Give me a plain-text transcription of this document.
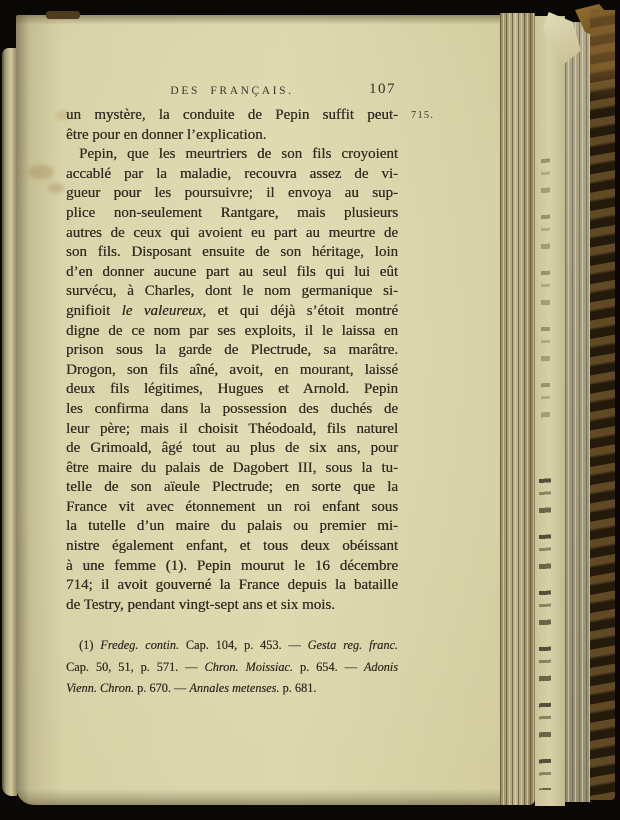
DES FRANÇAIS.	107
715.
un mystère, la conduite de Pepin suffit peut-
être pour en donner l’explication.
Pepin, que les meurtriers de son fils croyoient
accablé par la maladie, recouvra assez de vi-
gueur pour les poursuivre; il envoya au sup-
plice non-seulement Rantgare, mais plusieurs
autres de ceux qui avoient eu part au meurtre de
son fils. Disposant ensuite de son héritage, loin
d’en donner aucune part au seul fils qui lui eût
survécu, à Charles, dont le nom germanique si-
gnifioit le valeureux, et qui déjà s’étoit montré
digne de ce nom par ses exploits, il le laissa en
prison sous la garde de Plectrude, sa marâtre.
Drogon, son fils aîné, avoit, en mourant, laissé
deux fils légitimes, Hugues et Arnold. Pepin
les confirma dans la possession des duchés de
leur père; mais il choisit Théodoald, fils naturel
de Grimoald, âgé tout au plus de six ans, pour
être maire du palais de Dagobert III, sous la tu-
telle de son aïeule Plectrude; en sorte que la
France vit avec étonnement un roi enfant sous
la tutelle d’un maire du palais ou premier mi-
nistre également enfant, et tous deux obéissant
à une femme (1). Pepin mourut le 16 décembre
714; il avoit gouverné la France depuis la bataille
de Testry, pendant vingt-sept ans et six mois.
(1) Fredeg. contin. Cap. 104, p. 453. — Gesta reg. franc.
Cap. 50, 51, p. 571. — Chron. Moissiac. p. 654. — Adonis
Vienn. Chron. p. 670. — Annales metenses. p. 681.
